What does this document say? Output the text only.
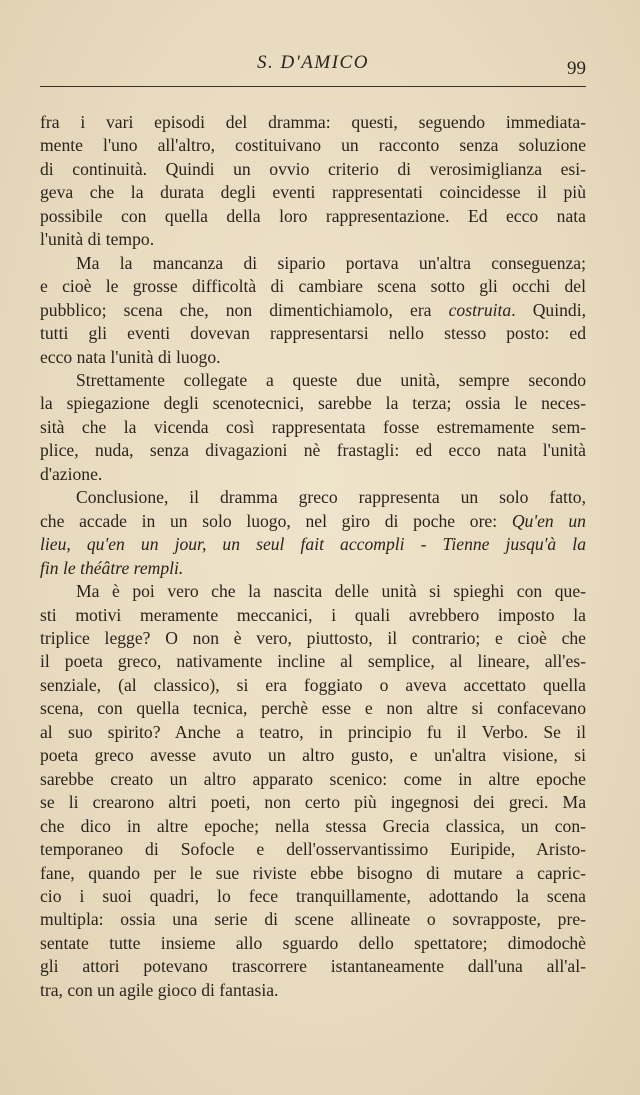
S. D'AMICO	99

fra i vari episodi del dramma: questi, seguendo immediata-
mente l'uno all'altro, costituivano un racconto senza soluzione
di continuità. Quindi un ovvio criterio di verosimiglianza esi-
geva che la durata degli eventi rappresentati coincidesse il più
possibile con quella della loro rappresentazione. Ed ecco nata
l'unità di tempo.

Ma la mancanza di sipario portava un'altra conseguenza;
e cioè le grosse difficoltà di cambiare scena sotto gli occhi del
pubblico; scena che, non dimentichiamolo, era costruita. Quindi,
tutti gli eventi dovevan rappresentarsi nello stesso posto: ed
ecco nata l'unità di luogo.

Strettamente collegate a queste due unità, sempre secondo
la spiegazione degli scenotecnici, sarebbe la terza; ossia le neces-
sità che la vicenda così rappresentata fosse estremamente sem-
plice, nuda, senza divagazioni nè frastagli: ed ecco nata l'unità
d'azione.

Conclusione, il dramma greco rappresenta un solo fatto,
che accade in un solo luogo, nel giro di poche ore: Qu'en un
lieu, qu'en un jour, un seul fait accompli - Tienne jusqu'à la
fin le théâtre rempli.

Ma è poi vero che la nascita delle unità si spieghi con que-
sti motivi meramente meccanici, i quali avrebbero imposto la
triplice legge? O non è vero, piuttosto, il contrario; e cioè che
il poeta greco, nativamente incline al semplice, al lineare, all'es-
senziale, (al classico), si era foggiato o aveva accettato quella
scena, con quella tecnica, perchè esse e non altre si confacevano
al suo spirito? Anche a teatro, in principio fu il Verbo. Se il
poeta greco avesse avuto un altro gusto, e un'altra visione, si
sarebbe creato un altro apparato scenico: come in altre epoche
se li crearono altri poeti, non certo più ingegnosi dei greci. Ma
che dico in altre epoche; nella stessa Grecia classica, un con-
temporaneo di Sofocle e dell'osservantissimo Euripide, Aristo-
fane, quando per le sue riviste ebbe bisogno di mutare a capric-
cio i suoi quadri, lo fece tranquillamente, adottando la scena
multipla: ossia una serie di scene allineate o sovrapposte, pre-
sentate tutte insieme allo sguardo dello spettatore; dimodochè
gli attori potevano trascorrere istantaneamente dall'una all'al-
tra, con un agile gioco di fantasia.
